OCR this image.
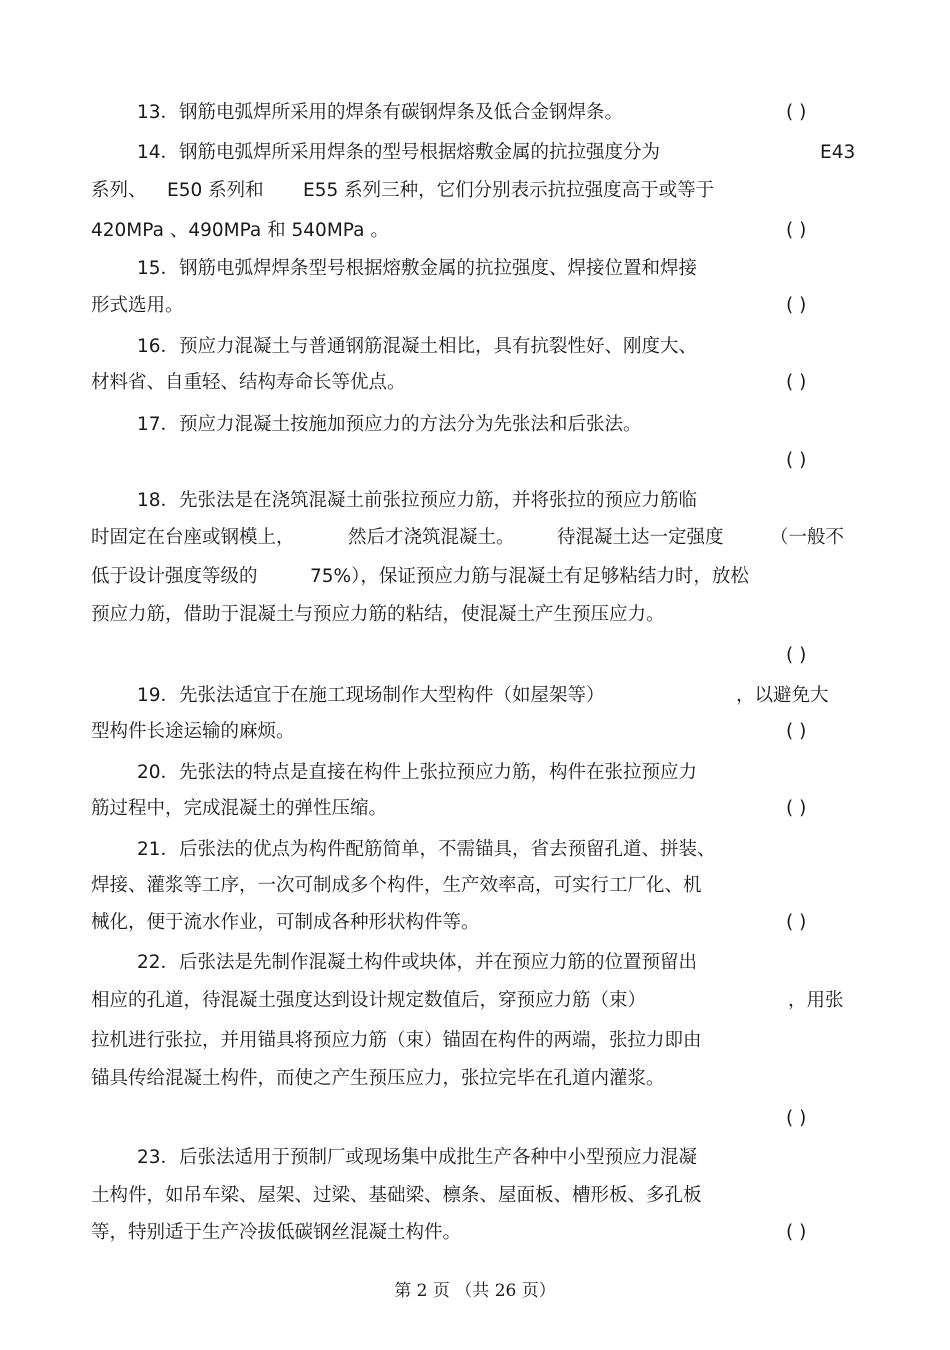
13．钢筋电弧焊所采用的焊条有碳钢焊条及低合金钢焊条。	( )
14．钢筋电弧焊所采用焊条的型号根据熔敷金属的抗拉强度分为	E43
系列、 E50 系列和 E55 系列三种，它们分别表示抗拉强度高于或等于
420MPa 、490MPa 和 540MPa 。	( )
15．钢筋电弧焊焊条型号根据熔敷金属的抗拉强度、焊接位置和焊接
形式选用。	( )
16．预应力混凝土与普通钢筋混凝土相比，具有抗裂性好、刚度大、
材料省、自重轻、结构寿命长等优点。	( )
17．预应力混凝土按施加预应力的方法分为先张法和后张法。
( )
18．先张法是在浇筑混凝土前张拉预应力筋，并将张拉的预应力筋临
时固定在台座或钢模上，	然后才浇筑混凝土。 待混凝土达一定强度	（一般不
低于设计强度等级的	75%），保证预应力筋与混凝土有足够粘结力时，放松
预应力筋，借助于混凝土与预应力筋的粘结，使混凝土产生预压应力。
( )
19．先张法适宜于在施工现场制作大型构件（如屋架等）	，以避免大
型构件长途运输的麻烦。	( )
20．先张法的特点是直接在构件上张拉预应力筋，构件在张拉预应力
筋过程中，完成混凝土的弹性压缩。	( )
21．后张法的优点为构件配筋简单，不需锚具，省去预留孔道、拼装、
焊接、灌浆等工序，一次可制成多个构件，生产效率高，可实行工厂化、机
械化，便于流水作业，可制成各种形状构件等。	( )
22．后张法是先制作混凝土构件或块体，并在预应力筋的位置预留出
相应的孔道，待混凝土强度达到设计规定数值后，穿预应力筋（束）	，用张
拉机进行张拉，并用锚具将预应力筋（束）锚固在构件的两端，张拉力即由
锚具传给混凝土构件，而使之产生预压应力，张拉完毕在孔道内灌浆。
( )
23．后张法适用于预制厂或现场集中成批生产各种中小型预应力混凝
土构件，如吊车梁、屋架、过梁、基础梁、檩条、屋面板、槽形板、多孔板
等，特别适于生产冷拔低碳钢丝混凝土构件。	( )
第 2 页 （共 26 页）
